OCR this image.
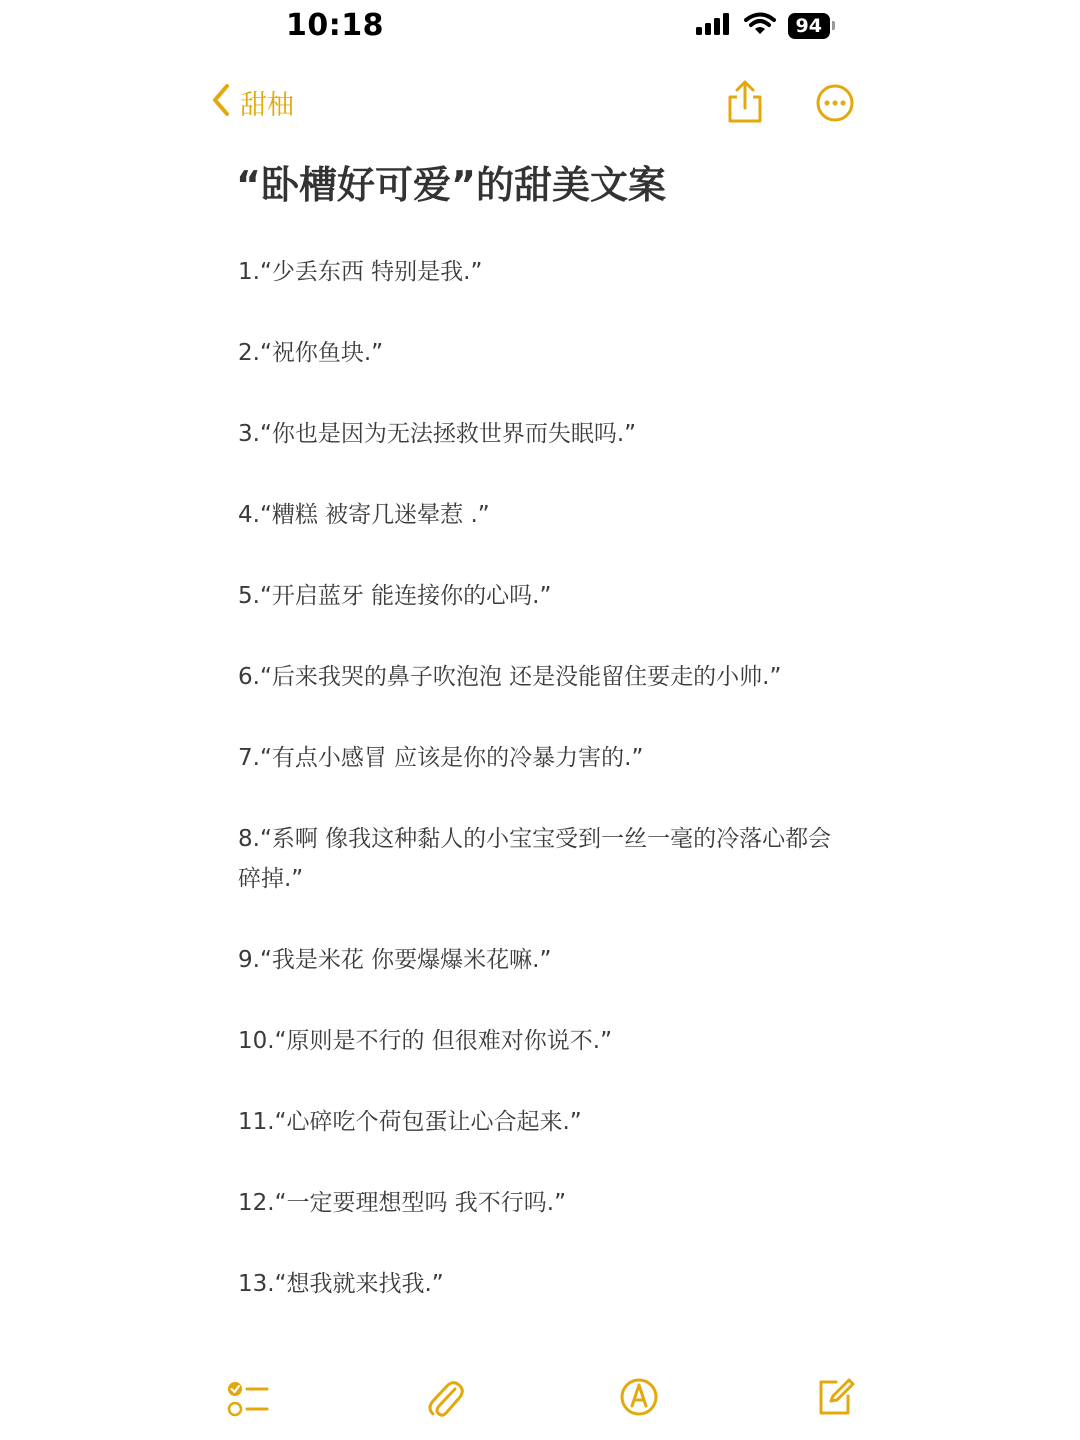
10:18	94
甜柚
“卧槽好可爱”的甜美文案

1.“少丢东西 特别是我.”

2.“祝你鱼块.”

3.“你也是因为无法拯救世界而失眠吗.”

4.“糟糕 被寄几迷晕惹 .”

5.“开启蓝牙 能连接你的心吗.”

6.“后来我哭的鼻子吹泡泡 还是没能留住要走的小帅.”

7.“有点小感冒 应该是你的冷暴力害的.”

8.“系啊 像我这种黏人的小宝宝受到一丝一毫的冷落心都会碎掉.”

9.“我是米花 你要爆爆米花嘛.”

10.“原则是不行的 但很难对你说不.”

11.“心碎吃个荷包蛋让心合起来.”

12.“一定要理想型吗 我不行吗.”

13.“想我就来找我.”
